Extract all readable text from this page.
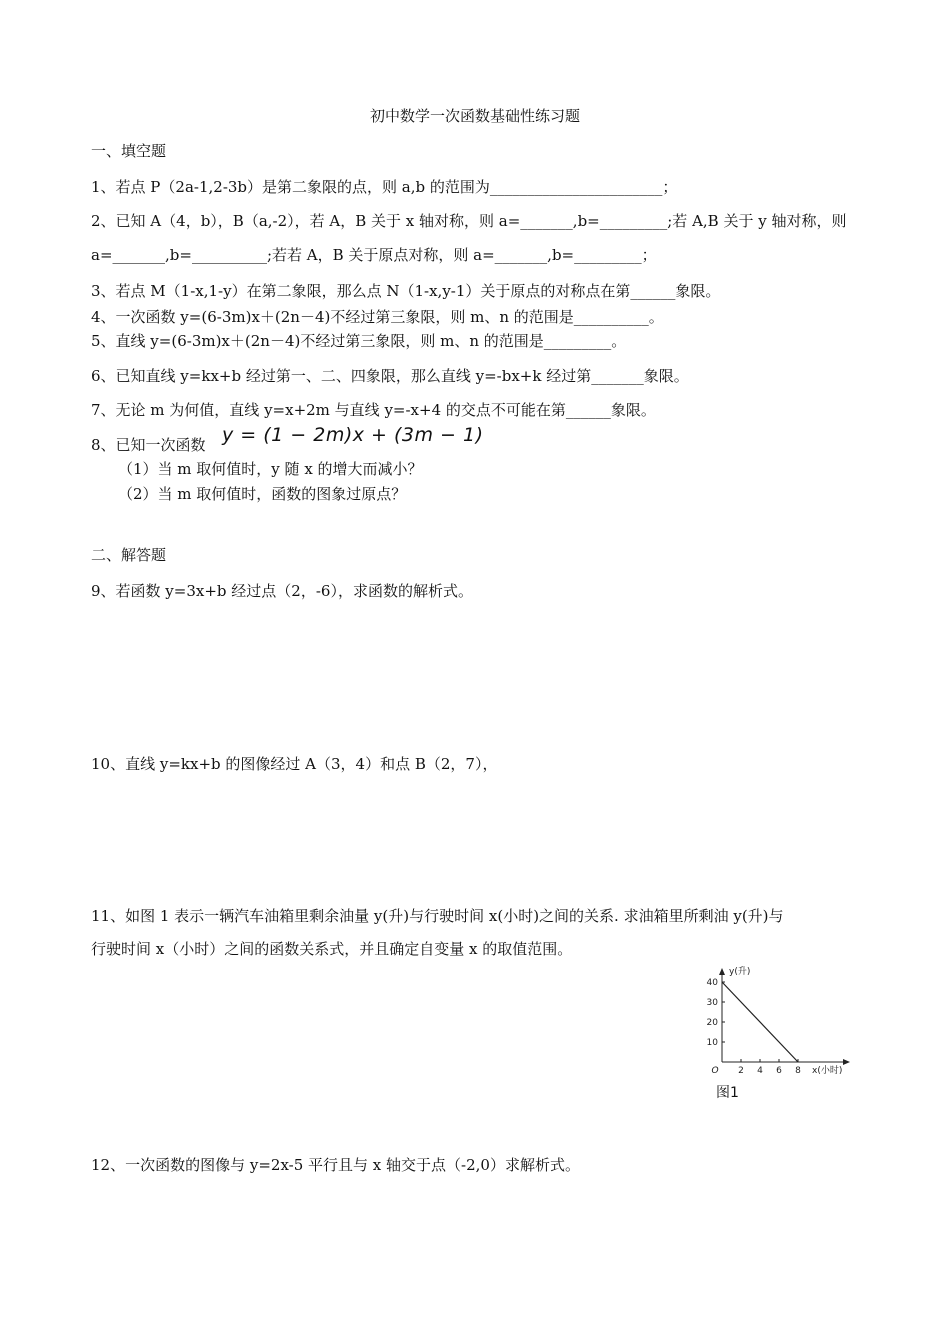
初中数学一次函数基础性练习题
一、填空题
1、若点 P（2a-1,2-3b）是第二象限的点，则 a,b 的范围为_______________________；
2、已知 A（4，b），B（a,-2），若 A，B 关于 x 轴对称，则 a=_______,b=_________;若 A,B 关于 y 轴对称，则
a=_______,b=__________;若若 A，B 关于原点对称，则 a=_______,b=_________；
3、若点 M（1-x,1-y）在第二象限，那么点 N（1-x,y-1）关于原点的对称点在第______象限。
4、一次函数 y=(6-3m)x＋(2n－4)不经过第三象限，则 m、n 的范围是__________。
5、直线 y=(6-3m)x＋(2n－4)不经过第三象限，则 m、n 的范围是_________。
6、已知直线 y=kx+b 经过第一、二、四象限，那么直线 y=-bx+k 经过第_______象限。
7、无论 m 为何值，直线 y=x+2m 与直线 y=-x+4 的交点不可能在第______象限。
8、已知一次函数 y = (1 − 2m)x + (3m − 1)
（1）当 m 取何值时，y 随 x 的增大而减小？
（2）当 m 取何值时，函数的图象过原点？
二、解答题
9、若函数 y=3x+b 经过点（2，-6），求函数的解析式。
10、直线 y=kx+b 的图像经过 A（3，4）和点 B（2，7），
11、如图 1 表示一辆汽车油箱里剩余油量 y(升)与行驶时间 x(小时)之间的关系. 求油箱里所剩油 y(升)与
行驶时间 x（小时）之间的函数关系式，并且确定自变量 x 的取值范围。
10
20
30
40
2 4 6 8
O
y(升)
x(小时)
图1
12、一次函数的图像与 y=2x-5 平行且与 x 轴交于点（-2,0）求解析式。
